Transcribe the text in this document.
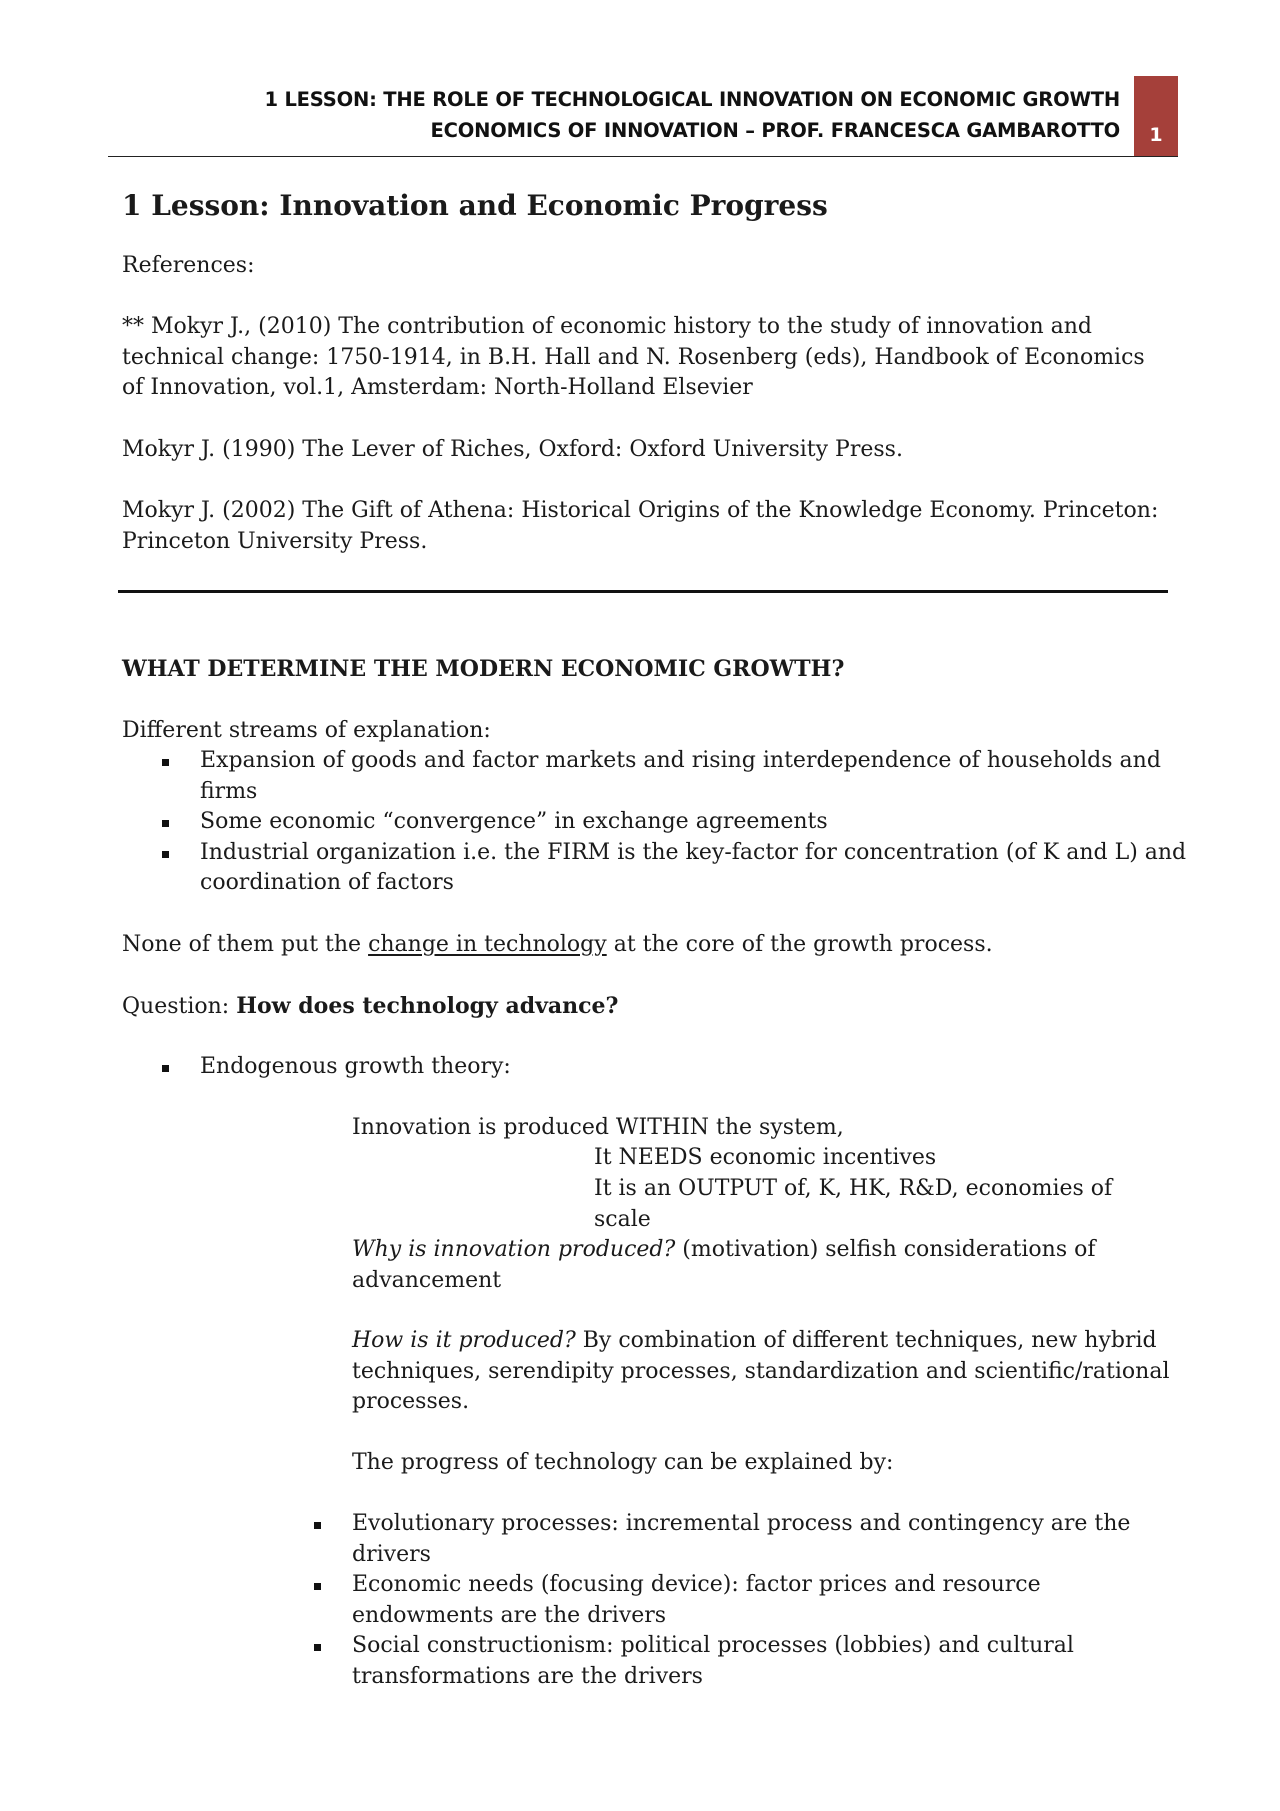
1 LESSON: THE ROLE OF TECHNOLOGICAL INNOVATION ON ECONOMIC GROWTH
ECONOMICS OF INNOVATION – PROF. FRANCESCA GAMBAROTTO	1
1 Lesson: Innovation and Economic Progress

References:

** Mokyr J., (2010) The contribution of economic history to the study of innovation and technical change: 1750-1914, in B.H. Hall and N. Rosenberg (eds), Handbook of Economics of Innovation, vol.1, Amsterdam: North-Holland Elsevier

Mokyr J. (1990) The Lever of Riches, Oxford: Oxford University Press.

Mokyr J. (2002) The Gift of Athena: Historical Origins of the Knowledge Economy. Princeton: Princeton University Press.

WHAT DETERMINE THE MODERN ECONOMIC GROWTH?

Different streams of explanation:

Expansion of goods and factor markets and rising interdependence of households and firms
Some economic “convergence” in exchange agreements
Industrial organization i.e. the FIRM is the key-factor for concentration (of K and L) and coordination of factors

None of them put the change in technology at the core of the growth process.

Question: How does technology advance?

Endogenous growth theory:

Innovation is produced WITHIN the system,

It NEEDS economic incentives

It is an OUTPUT of, K, HK, R&D, economies of scale

Why is innovation produced? (motivation) selfish considerations of advancement

How is it produced? By combination of different techniques, new hybrid techniques, serendipity processes, standardization and scientific/rational processes.

The progress of technology can be explained by:

Evolutionary processes: incremental process and contingency are the drivers
Economic needs (focusing device): factor prices and resource endowments are the drivers
Social constructionism: political processes (lobbies) and cultural transformations are the drivers
